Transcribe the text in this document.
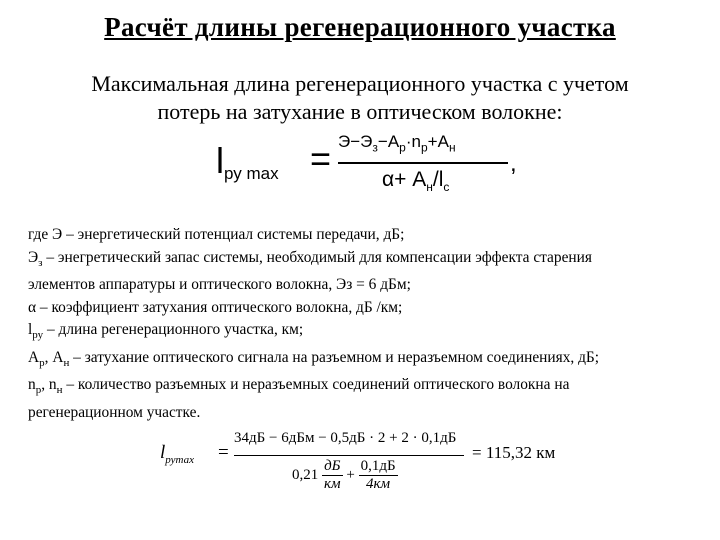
Расчёт длины регенерационного участка
Максимальная длина регенерационного участка с учетом
потерь на затухание в оптическом волокне:
$l_{ру max} = Э-Э_з-A_р\cdot n_р+A_н$
$\alpha+ A_н/l_с$
,
где Э – энергетический потенциал системы передачи, дБ;
$Э_з$ – энегретический запас системы, необходимый для компенсации эффекта старения
элементов аппаратуры и оптического волокна, Эз = 6 дБм;
α – коэффициент затухания оптического волокна, дБ /км;
$l_{ру}$ – длина регенерационного участка, км;
$A_р$, $A_н$ – затухание оптического сигнала на разъемном и неразъемном соединениях, дБ;
$n_р$, $n_н$ – количество разъемных и неразъемных соединений оптического волокна на
регенерационном участке.
$l_{рутах}$ =
34дБ − 6дБм − 0,5дБ · 2 + 2 · 0,1дБ
$0,21 \frac{дБ}{км} + \frac{0,1дБ}{4км}$
= 115,32 км
